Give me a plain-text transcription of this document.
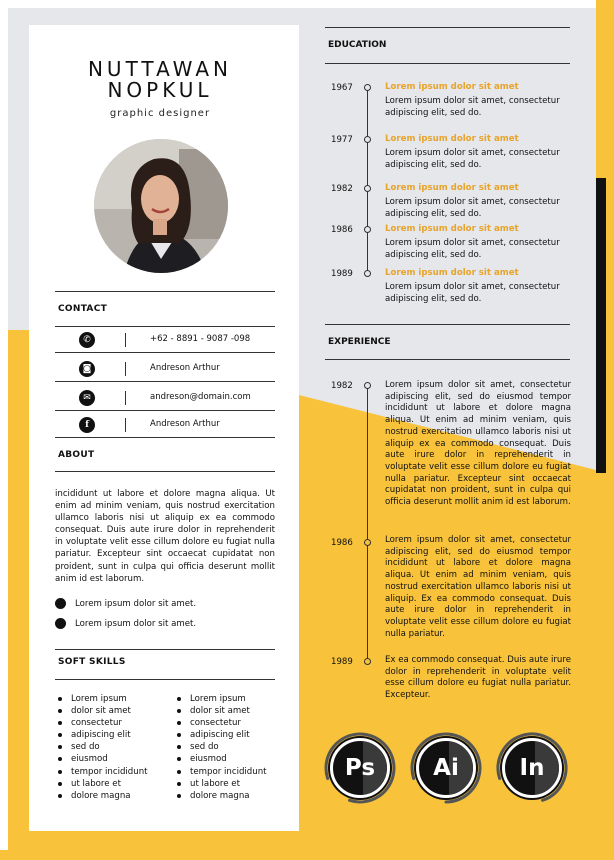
NUTTAWAN
NOPKUL
graphic designer
CONTACT
✆	+62 - 8891 - 9087 -098
◙	Andreson Arthur
✉	andreson@domain.com
f	Andreson Arthur
ABOUT
incididunt ut labore et dolore magna aliqua. Ut enim ad minim veniam, quis nostrud exercitation ullamco laboris nisi ut aliquip ex ea commodo consequat. Duis aute irure dolor in reprehenderit in voluptate velit esse cillum dolore eu fugiat nulla pariatur. Excepteur sint occaecat cupidatat non proident, sunt in culpa qui officia deserunt mollit anim id est laborum.
Lorem ipsum dolor sit amet.
Lorem ipsum dolor sit amet.
SOFT SKILLS
Lorem ipsum
dolor sit amet
consectetur
adipiscing elit
sed do
eiusmod
tempor incididunt
ut labore et
dolore magna
Lorem ipsum
dolor sit amet
consectetur
adipiscing elit
sed do
eiusmod
tempor incididunt
ut labore et
dolore magna
EDUCATION
1967	Lorem ipsum dolor sit amet
Lorem ipsum dolor sit amet, consectetur adipiscing elit, sed do.
1977	Lorem ipsum dolor sit amet
Lorem ipsum dolor sit amet, consectetur adipiscing elit, sed do.
1982	Lorem ipsum dolor sit amet
Lorem ipsum dolor sit amet, consectetur adipiscing elit, sed do.
1986	Lorem ipsum dolor sit amet
Lorem ipsum dolor sit amet, consectetur adipiscing elit, sed do.
1989	Lorem ipsum dolor sit amet
Lorem ipsum dolor sit amet, consectetur adipiscing elit, sed do.
EXPERIENCE
1982	Lorem ipsum dolor sit amet, consectetur adipiscing elit, sed do eiusmod tempor incididunt ut labore et dolore magna aliqua. Ut enim ad minim veniam, quis nostrud exercitation ullamco laboris nisi ut aliquip ex ea commodo consequat. Duis aute irure dolor in reprehenderit in voluptate velit esse cillum dolore eu fugiat nulla pariatur. Excepteur sint occaecat cupidatat non proident, sunt in culpa qui officia deserunt mollit anim id est laborum.
1986	Lorem ipsum dolor sit amet, consectetur adipiscing elit, sed do eiusmod tempor incididunt ut labore et dolore magna aliqua. Ut enim ad minim veniam, quis nostrud exercitation ullamco laboris nisi ut aliquip. Ex ea commodo consequat. Duis aute irure dolor in reprehenderit in voluptate velit esse cillum dolore eu fugiat nulla pariatur.
1989	Ex ea commodo consequat. Duis aute irure dolor in reprehenderit in voluptate velit esse cillum dolore eu fugiat nulla pariatur. Excepteur.
Ps	Ai	In
